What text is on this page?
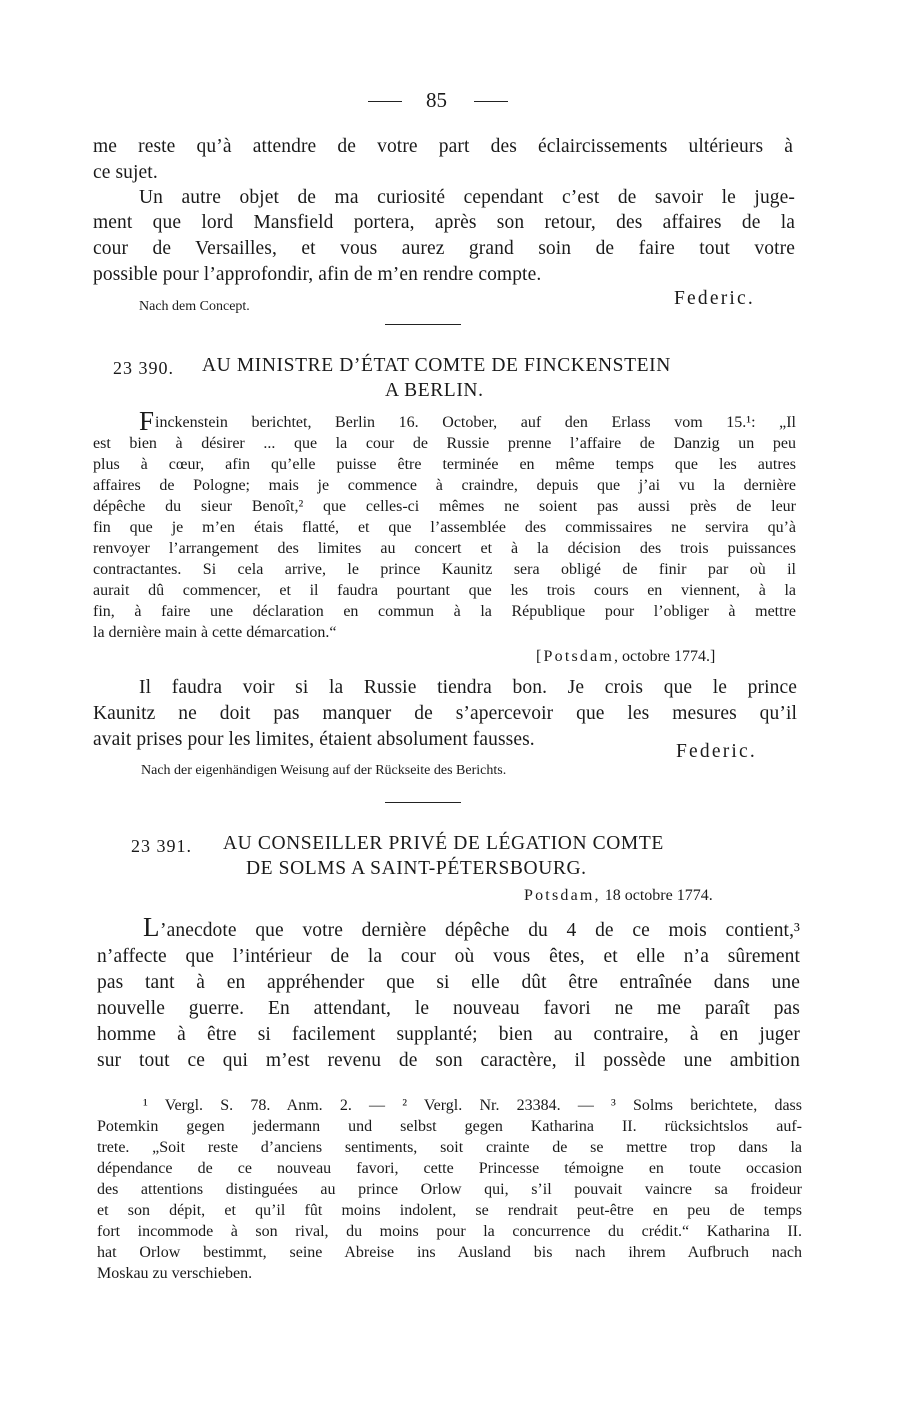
85
me reste qu’à attendre de votre part des éclaircissements ultérieurs à
ce sujet.
Un autre objet de ma curiosité cependant c’est de savoir le juge-
ment que lord Mansfield portera, après son retour, des affaires de la
cour de Versailles, et vous aurez grand soin de faire tout votre
possible pour l’approfondir, afin de m’en rendre compte.
Nach dem Concept.	Federic.
23 390. AU MINISTRE D’ÉTAT COMTE DE FINCKENSTEIN
A BERLIN.
F inckenstein berichtet, Berlin 16. October, auf den Erlass vom 15.¹: „Il
est bien à désirer ... que la cour de Russie prenne l’affaire de Danzig un peu
plus à cœur, afin qu’elle puisse être terminée en même temps que les autres
affaires de Pologne; mais je commence à craindre, depuis que j’ai vu la dernière
dépêche du sieur Benoît,² que celles-ci mêmes ne soient pas aussi près de leur
fin que je m’en étais flatté, et que l’assemblée des commissaires ne servira qu’à
renvoyer l’arrangement des limites au concert et à la décision des trois puissances
contractantes. Si cela arrive, le prince Kaunitz sera obligé de finir par où il
aurait dû commencer, et il faudra pourtant que les trois cours en viennent, à la
fin, à faire une déclaration en commun à la République pour l’obliger à mettre
la dernière main à cette démarcation.“
[Potsdam, octobre 1774.]
Il faudra voir si la Russie tiendra bon. Je crois que le prince
Kaunitz ne doit pas manquer de s’apercevoir que les mesures qu’il
avait prises pour les limites, étaient absolument fausses.
Federic.
Nach der eigenhändigen Weisung auf der Rückseite des Berichts.
23 391. AU CONSEILLER PRIVÉ DE LÉGATION COMTE
DE SOLMS A SAINT-PÉTERSBOURG.
Potsdam, 18 octobre 1774.
L ’anecdote que votre dernière dépêche du 4 de ce mois contient,³
n’affecte que l’intérieur de la cour où vous êtes, et elle n’a sûrement
pas tant à en appréhender que si elle dût être entraînée dans une
nouvelle guerre. En attendant, le nouveau favori ne me paraît pas
homme à être si facilement supplanté; bien au contraire, à en juger
sur tout ce qui m’est revenu de son caractère, il possède une ambition
¹ Vergl. S. 78. Anm. 2. — ² Vergl. Nr. 23384. — ³ Solms berichtete, dass
Potemkin gegen jedermann und selbst gegen Katharina II. rücksichtslos auf-
trete. „Soit reste d’anciens sentiments, soit crainte de se mettre trop dans la
dépendance de ce nouveau favori, cette Princesse témoigne en toute occasion
des attentions distinguées au prince Orlow qui, s’il pouvait vaincre sa froideur
et son dépit, et qu’il fût moins indolent, se rendrait peut-être en peu de temps
fort incommode à son rival, du moins pour la concurrence du crédit.“ Katharina II.
hat Orlow bestimmt, seine Abreise ins Ausland bis nach ihrem Aufbruch nach
Moskau zu verschieben.
